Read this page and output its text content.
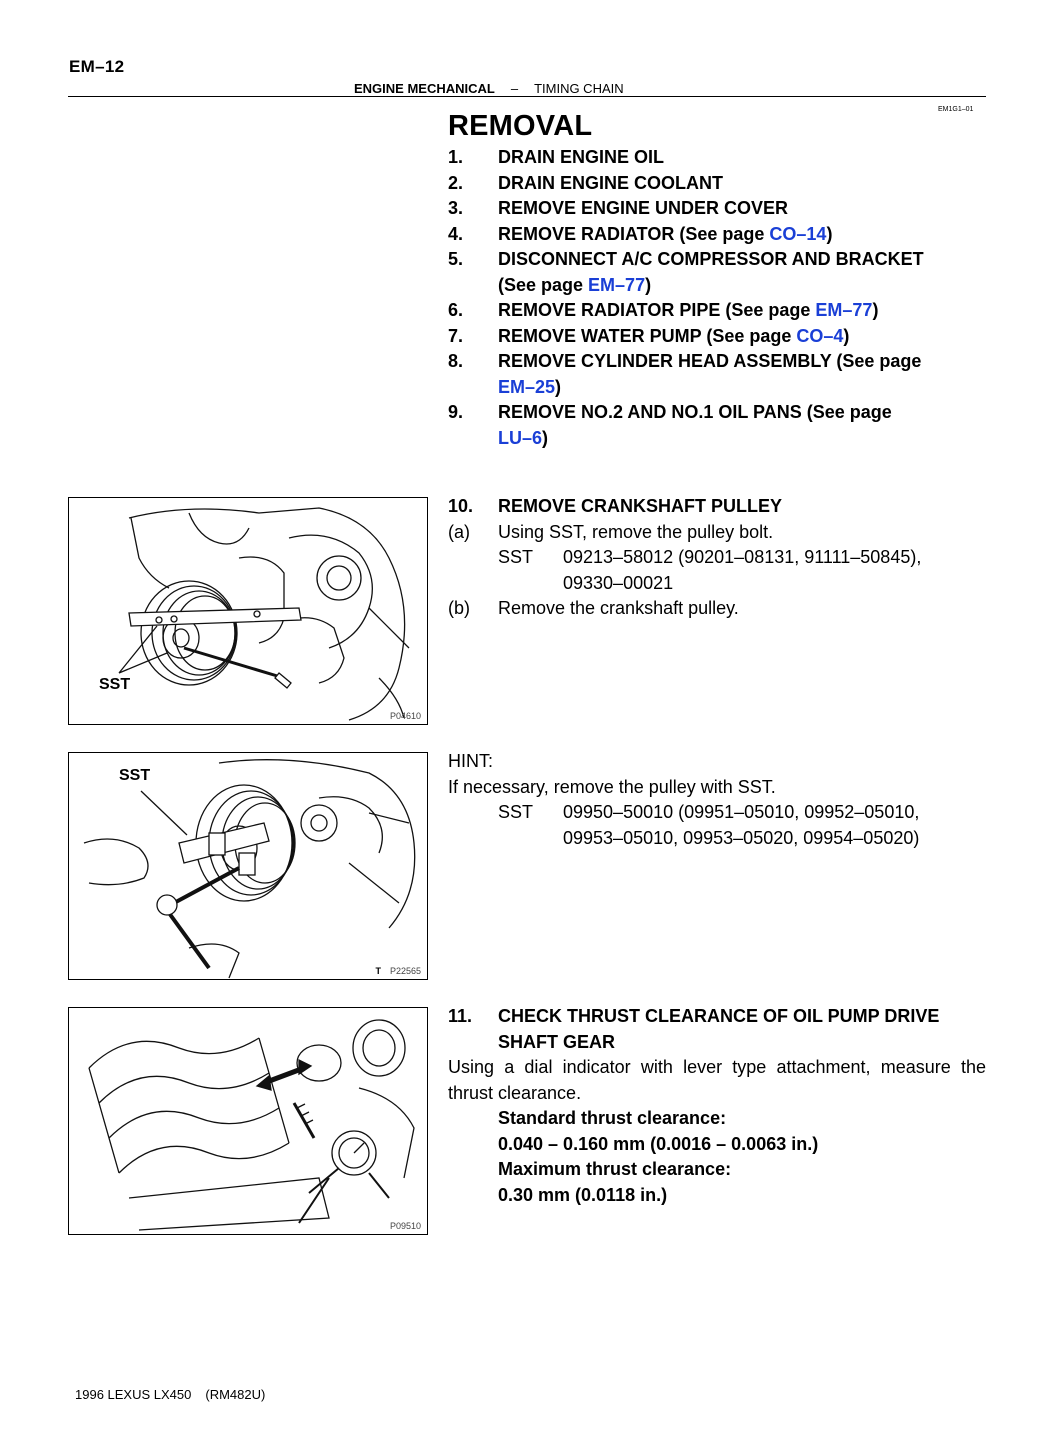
EM–12
ENGINE MECHANICAL – TIMING CHAIN
EM1G1–01
REMOVAL
1.	DRAIN ENGINE OIL
2.	DRAIN ENGINE COOLANT
3.	REMOVE ENGINE UNDER COVER
4.	REMOVE RADIATOR (See page CO–14)
5.	DISCONNECT A/C COMPRESSOR AND BRACKET
(See page EM–77)
6.	REMOVE RADIATOR PIPE (See page EM–77)
7.	REMOVE WATER PUMP (See page CO–4)
8.	REMOVE CYLINDER HEAD ASSEMBLY (See page
EM–25)
9.	REMOVE NO.2 AND NO.1 OIL PANS (See page
LU–6)
10.	REMOVE CRANKSHAFT PULLEY
(a)	Using SST, remove the pulley bolt.
SST	09213–58012 (90201–08131, 91111–50845),
09330–00021
(b)	Remove the crankshaft pulley.
HINT:
If necessary, remove the pulley with SST.
SST	09950–50010 (09951–05010, 09952–05010,
09953–05010, 09953–05020, 09954–05020)
11.	CHECK THRUST CLEARANCE OF OIL PUMP DRIVE
SHAFT GEAR
Using a dial indicator with lever type attachment, measure the thrust clearance.
Standard thrust clearance:
0.040 – 0.160 mm (0.0016 – 0.0063 in.)
Maximum thrust clearance:
0.30 mm (0.0118 in.)
SST
P04610
SST
T P22565
P09510
1996 LEXUS LX450 (RM482U)
